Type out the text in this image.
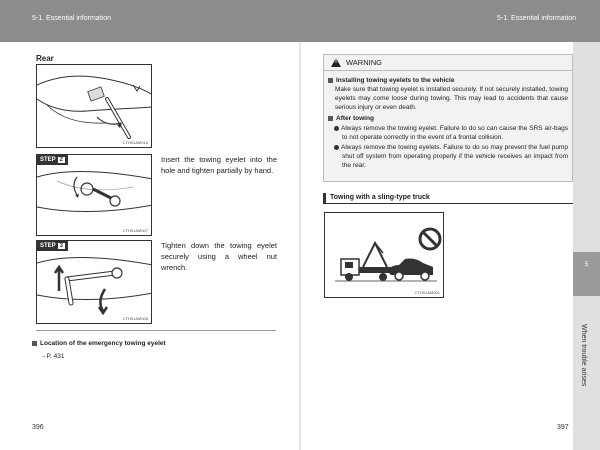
5-1. Essential information	5-1. Essential information
5
When trouble arises
Rear
CTH51AM016
STEP 2
CTH51AM007
Insert the towing eyelet into the hole and tighten partially by hand.
STEP 3
CTH51AM008
Tighten down the towing eyelet securely using a wheel nut wrench.
Location of the emergency towing eyelet
→P. 431
396
!
WARNING
Installing towing eyelets to the vehicle
Make sure that towing eyelet is installed securely. If not securely installed, towing eyelets may come loose during towing. This may lead to accidents that cause serious injury or even death.
After towing
Always remove the towing eyelet. Failure to do so can cause the SRS air-bags to not operate correctly in the event of a frontal collision.
Always remove the towing eyelets. Failure to do so may prevent the fuel pump shut off system from operating properly if the vehicle receives an impact from the rear.
Towing with a sling-type truck
CTH51AM001
397
